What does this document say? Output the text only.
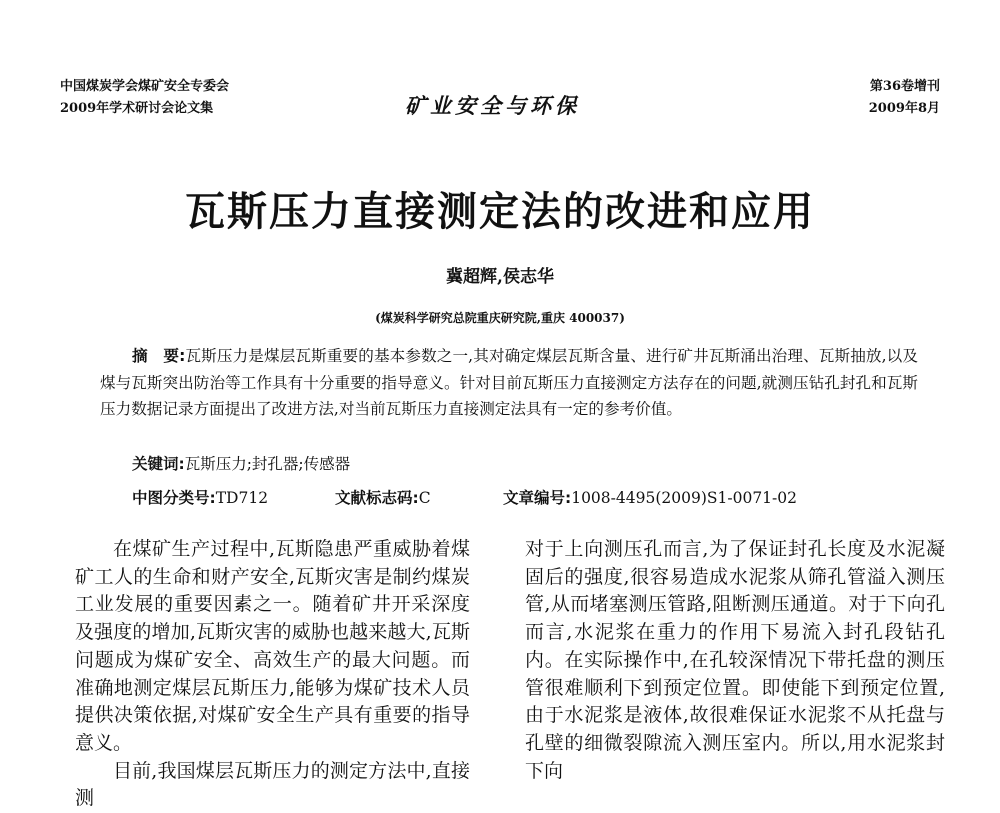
中国煤炭学会煤矿安全专委会
2009年学术研讨会论文集	矿业安全与环保
第36卷增刊
2009年8月
瓦斯压力直接测定法的改进和应用
冀超辉,侯志华
(煤炭科学研究总院重庆研究院,重庆 400037)

摘　要:瓦斯压力是煤层瓦斯重要的基本参数之一,其对确定煤层瓦斯含量、进行矿井瓦斯涌出治理、瓦斯抽放,以及煤与瓦斯突出防治等工作具有十分重要的指导意义。针对目前瓦斯压力直接测定方法存在的问题,就测压钻孔封孔和瓦斯压力数据记录方面提出了改进方法,对当前瓦斯压力直接测定法具有一定的参考价值。

关键词:瓦斯压力;封孔器;传感器
中图分类号:TD712	文献标志码:C	文章编号:1008-4495(2009)S1-0071-02

在煤矿生产过程中,瓦斯隐患严重威胁着煤矿工人的生命和财产安全,瓦斯灾害是制约煤炭工业发展的重要因素之一。随着矿井开采深度及强度的增加,瓦斯灾害的威胁也越来越大,瓦斯问题成为煤矿安全、高效生产的最大问题。而准确地测定煤层瓦斯压力,能够为煤矿技术人员提供决策依据,对煤矿安全生产具有重要的指导意义。

目前,我国煤层瓦斯压力的测定方法中,直接测

对于上向测压孔而言,为了保证封孔长度及水泥凝固后的强度,很容易造成水泥浆从筛孔管溢入测压管,从而堵塞测压管路,阻断测压通道。对于下向孔而言,水泥浆在重力的作用下易流入封孔段钻孔内。在实际操作中,在孔较深情况下带托盘的测压管很难顺利下到预定位置。即使能下到预定位置,由于水泥浆是液体,故很难保证水泥浆不从托盘与孔壁的细微裂隙流入测压室内。所以,用水泥浆封下向
